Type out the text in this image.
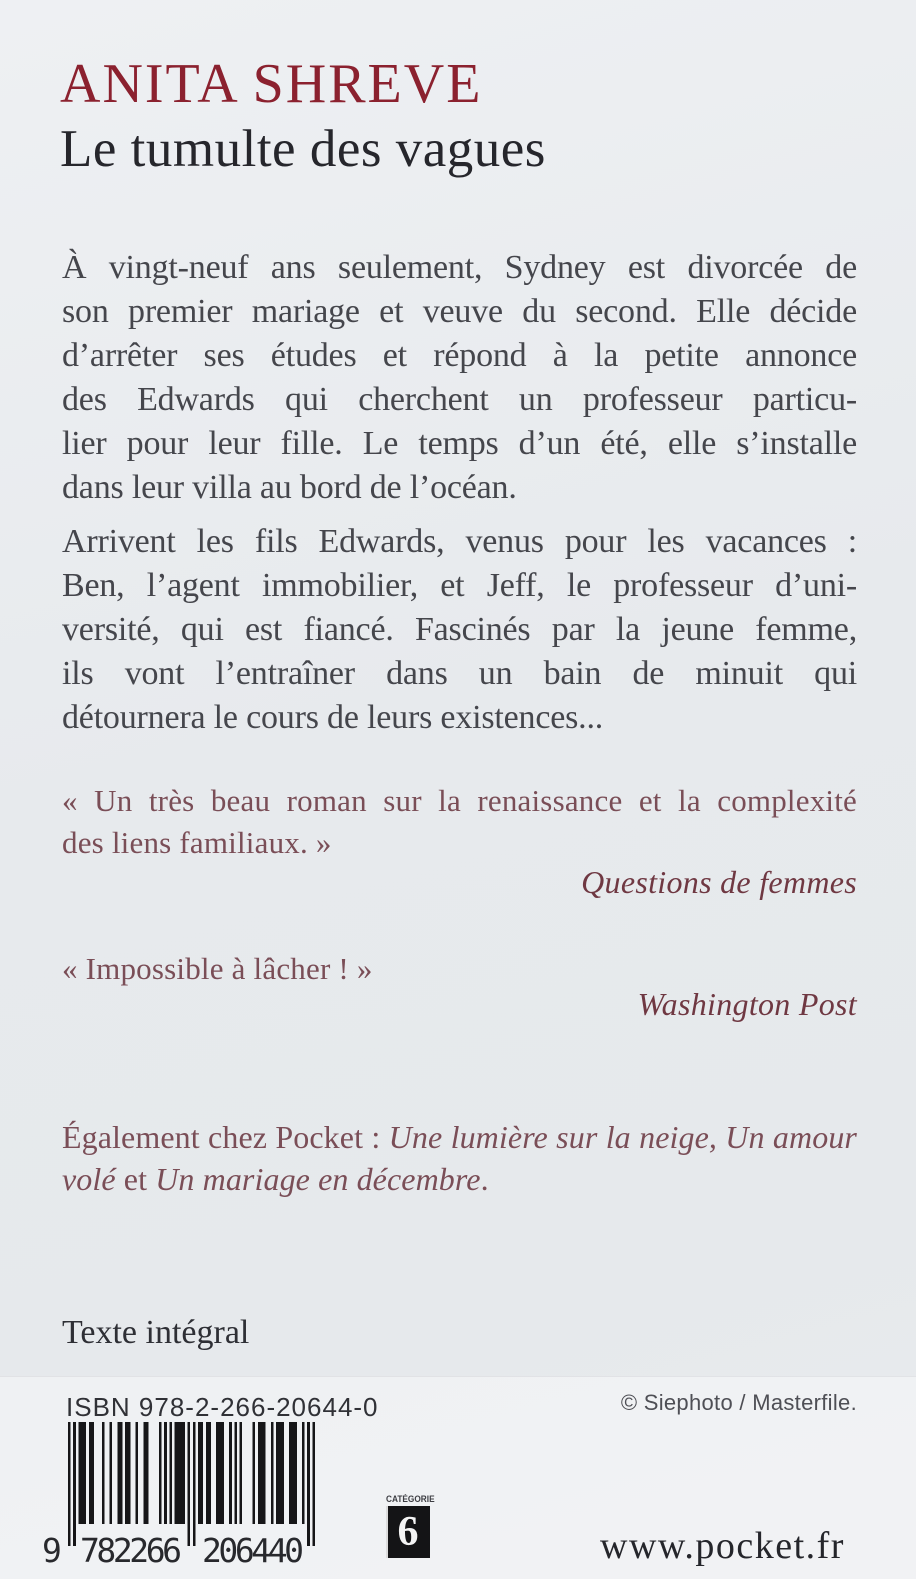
ANITA SHREVE
Le tumulte des vagues
À vingt-neuf ans seulement, Sydney est divorcée de
son premier mariage et veuve du second. Elle décide
d’arrêter ses études et répond à la petite annonce
des Edwards qui cherchent un professeur particu-
lier pour leur fille. Le temps d’un été, elle s’installe
dans leur villa au bord de l’océan.
Arrivent les fils Edwards, venus pour les vacances :
Ben, l’agent immobilier, et Jeff, le professeur d’uni-
versité, qui est fiancé. Fascinés par la jeune femme,
ils vont l’entraîner dans un bain de minuit qui
détournera le cours de leurs existences...
« Un très beau roman sur la renaissance et la complexité
des liens familiaux. »
Questions de femmes
« Impossible à lâcher ! »
Washington Post
Également chez Pocket : Une lumière sur la neige, Un amour
volé et Un mariage en décembre.
Texte intégral
ISBN 978-2-266-20644-0	© Siephoto / Masterfile.
9 782266 206440
CATÉGORIE
6	www.pocket.fr
